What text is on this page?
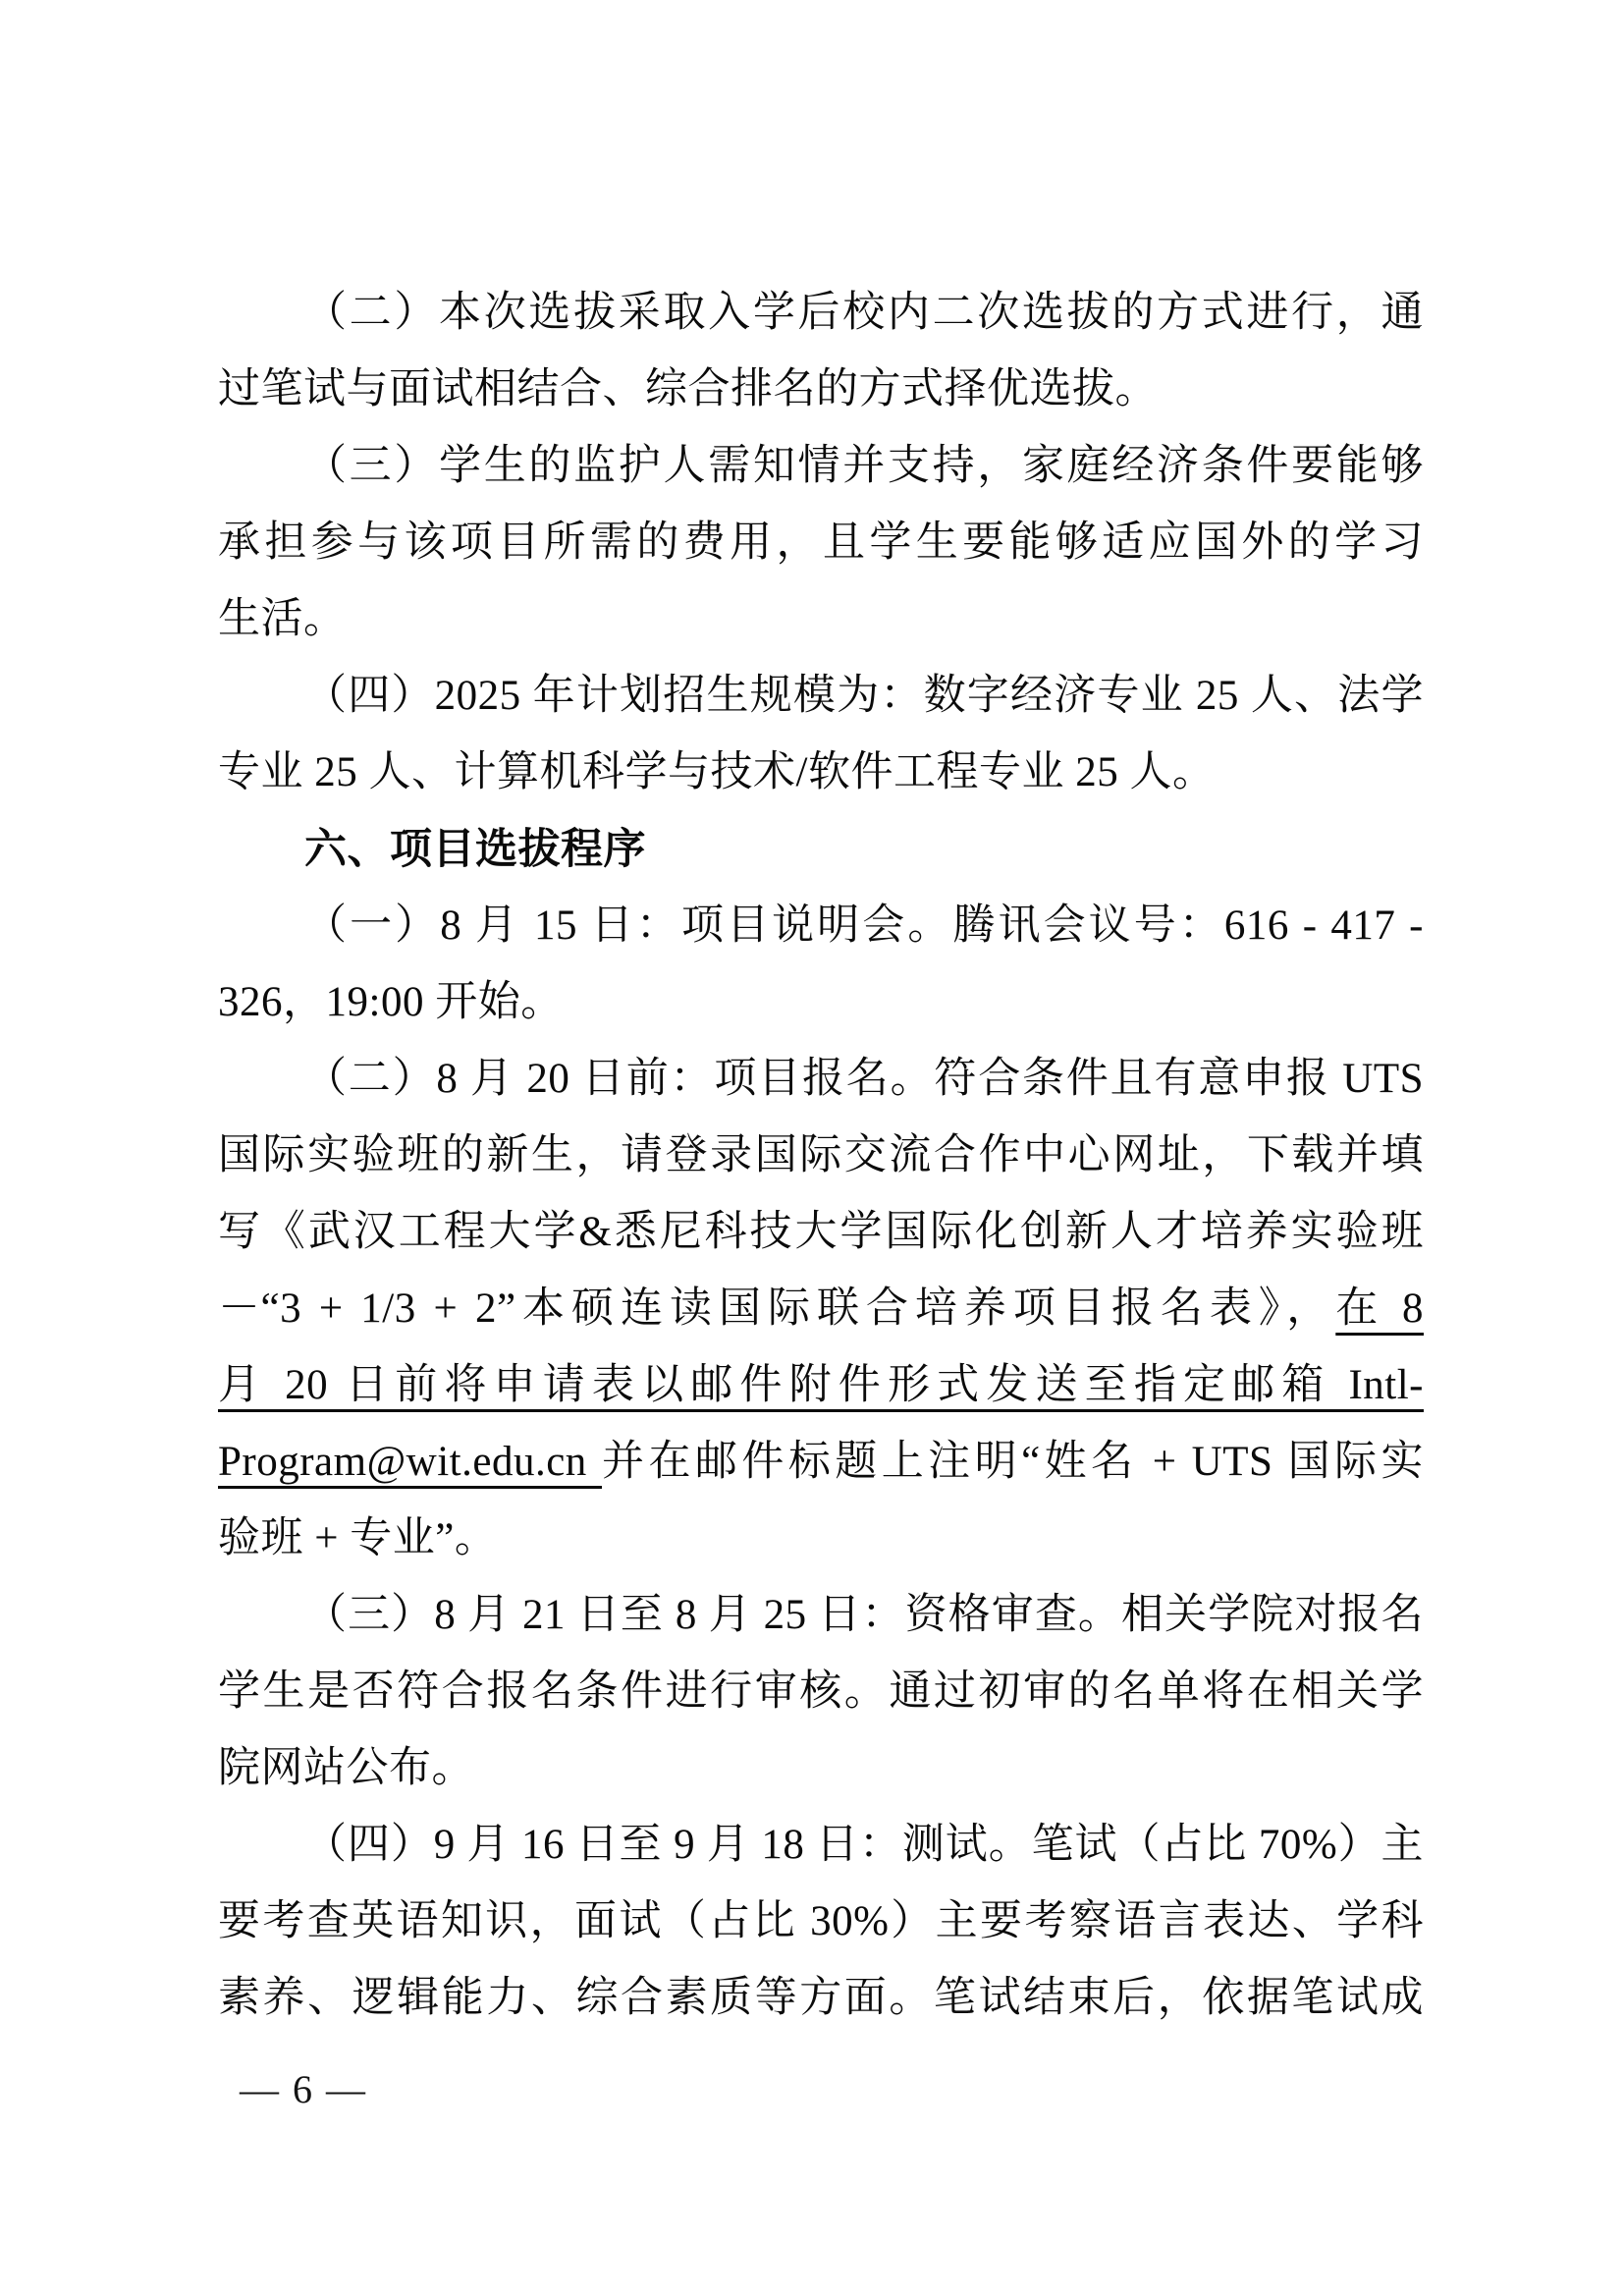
（二）本次选拔采取入学后校内二次选拔的方式进行，通
过笔试与面试相结合、综合排名的方式择优选拔。
（三）学生的监护人需知情并支持，家庭经济条件要能够
承担参与该项目所需的费用，且学生要能够适应国外的学习
生活。
（四）2025 年计划招生规模为：数字经济专业 25 人、法学
专业 25 人、计算机科学与技术/软件工程专业 25 人。
六、项目选拔程序
（一）8 月 15 日：项目说明会。腾讯会议号：616 - 417 -
326，19:00 开始。
（二）8 月 20 日前：项目报名。符合条件且有意申报 UTS
国际实验班的新生，请登录国际交流合作中心网址，下载并填
写《武汉工程大学&悉尼科技大学国际化创新人才培养实验班
－“3 + 1/3 + 2”本硕连读国际联合培养项目报名表》，在 8
月 20 日前将申请表以邮件附件形式发送至指定邮箱 Intl-
Program@wit.edu.cn 并在邮件标题上注明“姓名 + UTS 国际实
验班 + 专业”。
（三）8 月 21 日至 8 月 25 日：资格审查。相关学院对报名
学生是否符合报名条件进行审核。通过初审的名单将在相关学
院网站公布。
（四）9 月 16 日至 9 月 18 日：测试。笔试（占比 70%）主
要考查英语知识，面试（占比 30%）主要考察语言表达、学科
素养、逻辑能力、综合素质等方面。笔试结束后，依据笔试成
— 6 —
